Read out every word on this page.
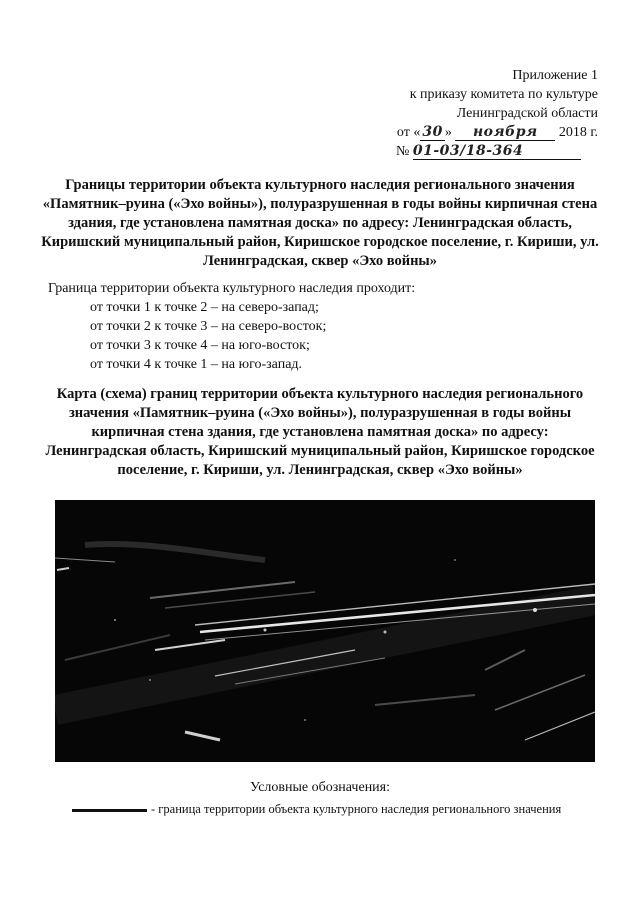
Приложение 1
к приказу комитета по культуре
Ленинградской области
от « 30 » ноября 2018 г.
№ 01-03/18-364
Границы территории объекта культурного наследия регионального значения «Памятник–руина («Эхо войны»), полуразрушенная в годы войны кирпичная стена здания, где установлена памятная доска» по адресу: Ленинградская область, Киришский муниципальный район, Киришское городское поселение, г. Кириши, ул. Ленинградская, сквер «Эхо войны»
Граница территории объекта культурного наследия проходит:
от точки 1 к точке 2 – на северо-запад;
от точки 2 к точке 3 – на северо-восток;
от точки 3 к точке 4 – на юго-восток;
от точки 4 к точке 1 – на юго-запад.
Карта (схема) границ территории объекта культурного наследия регионального значения «Памятник–руина («Эхо войны»), полуразрушенная в годы войны кирпичная стена здания, где установлена памятная доска» по адресу: Ленинградская область, Киришский муниципальный район, Киришское городское поселение, г. Кириши, ул. Ленинградская, сквер «Эхо войны»
Условные обозначения:
- граница территории объекта культурного наследия регионального значения
